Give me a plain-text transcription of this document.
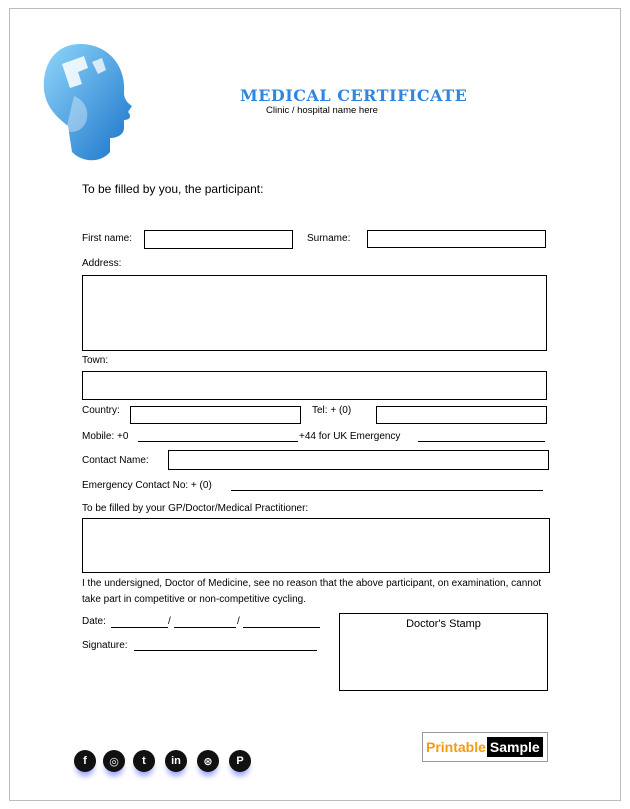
MEDICAL CERTIFICATE
Clinic / hospital name here
To be filled by you, the participant:
First name:	Surname:
Address:
Town:
Country:	Tel: + (0)
Mobile: +0	+44 for UK Emergency
Contact Name:
Emergency Contact No: + (0)
To be filled by your GP/Doctor/Medical Practitioner:
I the undersigned, Doctor of Medicine, see no reason that the above participant, on examination, cannot take part in competitive or non-competitive cycling.
Date:	/	/
Signature:
Doctor's Stamp
f	◎	t	in	⊛	P
Printable Sample
